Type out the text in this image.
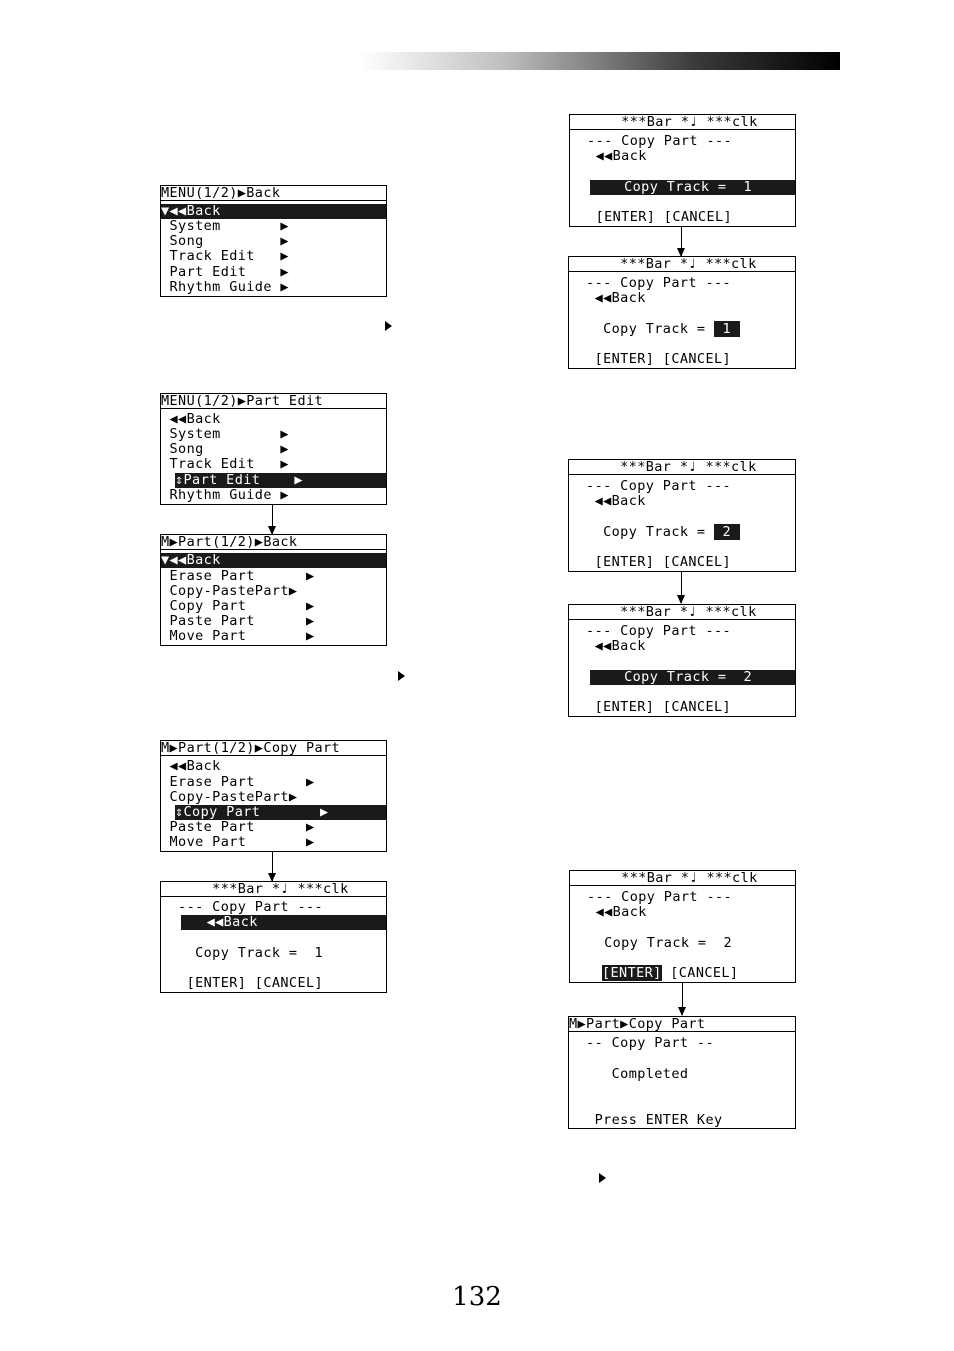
MENU(1/2)▶Back
▼◀◀Back
System       ▶
Song         ▶
Track Edit   ▶
Part Edit    ▶
Rhythm Guide ▶
MENU(1/2)▶Part Edit
◀◀Back
System       ▶
Song         ▶
Track Edit   ▶
⇕Part Edit    ▶
Rhythm Guide ▶
M▶Part(1/2)▶Back
▼◀◀Back
Erase Part      ▶
Copy-PastePart▶
Copy Part       ▶
Paste Part      ▶
Move Part       ▶
M▶Part(1/2)▶Copy Part
◀◀Back
Erase Part      ▶
Copy-PastePart▶
⇕Copy Part       ▶
Paste Part      ▶
Move Part       ▶
***Bar *♩ ***clk
--- Copy Part ---
◀◀Back
Copy Track =  1
[ENTER] [CANCEL]
***Bar *♩ ***clk
--- Copy Part ---
◀◀Back
Copy Track =  1
[ENTER] [CANCEL]
***Bar *♩ ***clk
--- Copy Part ---
◀◀Back
Copy Track =  1
[ENTER] [CANCEL]
***Bar *♩ ***clk
--- Copy Part ---
◀◀Back
Copy Track =  2
[ENTER] [CANCEL]
***Bar *♩ ***clk
--- Copy Part ---
◀◀Back
Copy Track =  2
[ENTER] [CANCEL]
***Bar *♩ ***clk
--- Copy Part ---
◀◀Back
Copy Track =  2
[ENTER] [CANCEL]
M▶Part▶Copy Part
-- Copy Part --
Completed
Press ENTER Key
132
